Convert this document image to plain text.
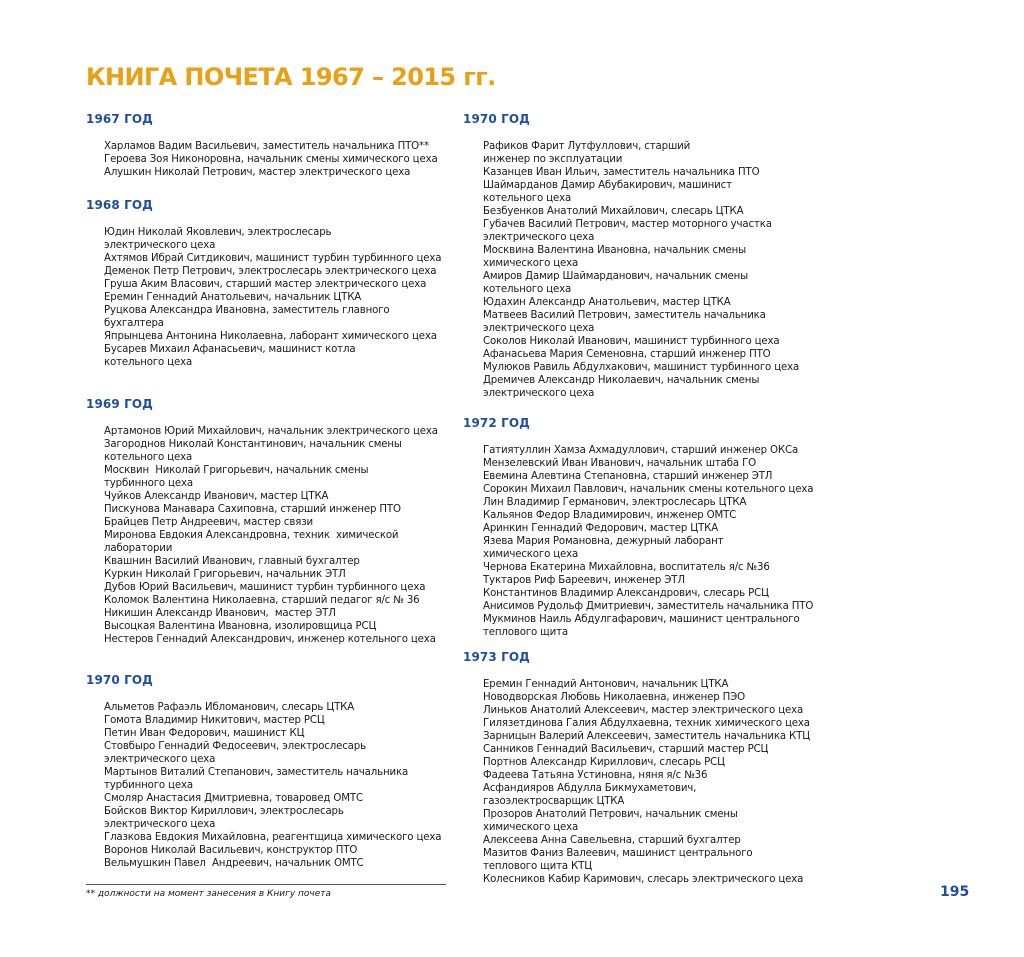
КНИГА ПОЧЕТА 1967 – 2015 гг.
1967 ГОД
Харламов Вадим Васильевич, заместитель начальника ПТО**
Героева Зоя Никоноровна, начальник смены химического цеха
Алушкин Николай Петрович, мастер электрического цеха
1968 ГОД
Юдин Николай Яковлевич, электрослесарь
электрического цеха
Ахтямов Ибрай Ситдикович, машинист турбин турбинного цеха
Деменок Петр Петрович, электрослесарь электрического цеха
Груша Аким Власович, старший мастер электрического цеха
Еремин Геннадий Анатольевич, начальник ЦТКА
Руцкова Александра Ивановна, заместитель главного
бухгалтера
Япрынцева Антонина Николаевна, лаборант химического цеха
Бусарев Михаил Афанасьевич, машинист котла
котельного цеха
1969 ГОД
Артамонов Юрий Михайлович, начальник электрического цеха
Загороднов Николай Константинович, начальник смены
котельного цеха
Москвин  Николай Григорьевич, начальник смены
турбинного цеха
Чуйков Александр Иванович, мастер ЦТКА
Пискунова Манавара Сахиповна, старший инженер ПТО
Брайцев Петр Андреевич, мастер связи
Миронова Евдокия Александровна, техник  химической
лаборатории
Квашнин Василий Иванович, главный бухгалтер
Куркин Николай Григорьевич, начальник ЭТЛ
Дубов Юрий Васильевич, машинист турбин турбинного цеха
Коломок Валентина Николаевна, старший педагог я/с № 36
Никишин Александр Иванович,  мастер ЭТЛ
Высоцкая Валентина Ивановна, изолировщица РСЦ
Нестеров Геннадий Александрович, инженер котельного цеха
1970 ГОД
Альметов Рафаэль Ибломанович, слесарь ЦТКА
Гомота Владимир Никитович, мастер РСЦ
Петин Иван Федорович, машинист КЦ
Стовбыро Геннадий Федосеевич, электрослесарь
электрического цеха
Мартынов Виталий Степанович, заместитель начальника
турбинного цеха
Смоляр Анастасия Дмитриевна, товаровед ОМТС
Бойсков Виктор Кириллович, электрослесарь
электрического цеха
Глазкова Евдокия Михайловна, реагентщица химического цеха
Воронов Николай Васильевич, конструктор ПТО
Вельмушкин Павел  Андреевич, начальник ОМТС
1970 ГОД
Рафиков Фарит Лутфуллович, старший
инженер по эксплуатации
Казанцев Иван Ильич, заместитель начальника ПТО
Шаймарданов Дамир Абубакирович, машинист
котельного цеха
Безбуенков Анатолий Михайлович, слесарь ЦТКА
Губачев Василий Петрович, мастер моторного участка
электрического цеха
Москвина Валентина Ивановна, начальник смены
химического цеха
Амиров Дамир Шаймарданович, начальник смены
котельного цеха
Юдахин Александр Анатольевич, мастер ЦТКА
Матвеев Василий Петрович, заместитель начальника
электрического цеха
Соколов Николай Иванович, машинист турбинного цеха
Афанасьева Мария Семеновна, старший инженер ПТО
Мулюков Равиль Абдулхакович, машинист турбинного цеха
Дремичев Александр Николаевич, начальник смены
электрического цеха
1972 ГОД
Гатиятуллин Хамза Ахмадуллович, старший инженер ОКСа
Мензелевский Иван Иванович, начальник штаба ГО
Евемина Алевтина Степановна, старший инженер ЭТЛ
Сорокин Михаил Павлович, начальник смены котельного цеха
Лин Владимир Германович, электрослесарь ЦТКА
Кальянов Федор Владимирович, инженер ОМТС
Аринкин Геннадий Федорович, мастер ЦТКА
Язева Мария Романовна, дежурный лаборант
химического цеха
Чернова Екатерина Михайловна, воспитатель я/с №36
Туктаров Риф Бареевич, инженер ЭТЛ
Константинов Владимир Александрович, слесарь РСЦ
Анисимов Рудольф Дмитриевич, заместитель начальника ПТО
Мукминов Наиль Абдулгафарович, машинист центрального
теплового щита
1973 ГОД
Еремин Геннадий Антонович, начальник ЦТКА
Новодворская Любовь Николаевна, инженер ПЭО
Линьков Анатолий Алексеевич, мастер электрического цеха
Гилязетдинова Галия Абдулхаевна, техник химического цеха
Зарницын Валерий Алексеевич, заместитель начальника КТЦ
Санников Геннадий Васильевич, старший мастер РСЦ
Портнов Александр Кириллович, слесарь РСЦ
Фадеева Татьяна Устиновна, няня я/с №36
Асфандияров Абдулла Бикмухаметович,
газоэлектросварщик ЦТКА
Прозоров Анатолий Петрович, начальник смены
химического цеха
Алексеева Анна Савельевна, старший бухгалтер
Мазитов Фаниз Валеевич, машинист центрального
теплового щита КТЦ
Колесников Кабир Каримович, слесарь электрического цеха
** должности на момент занесения в Книгу почета	195
